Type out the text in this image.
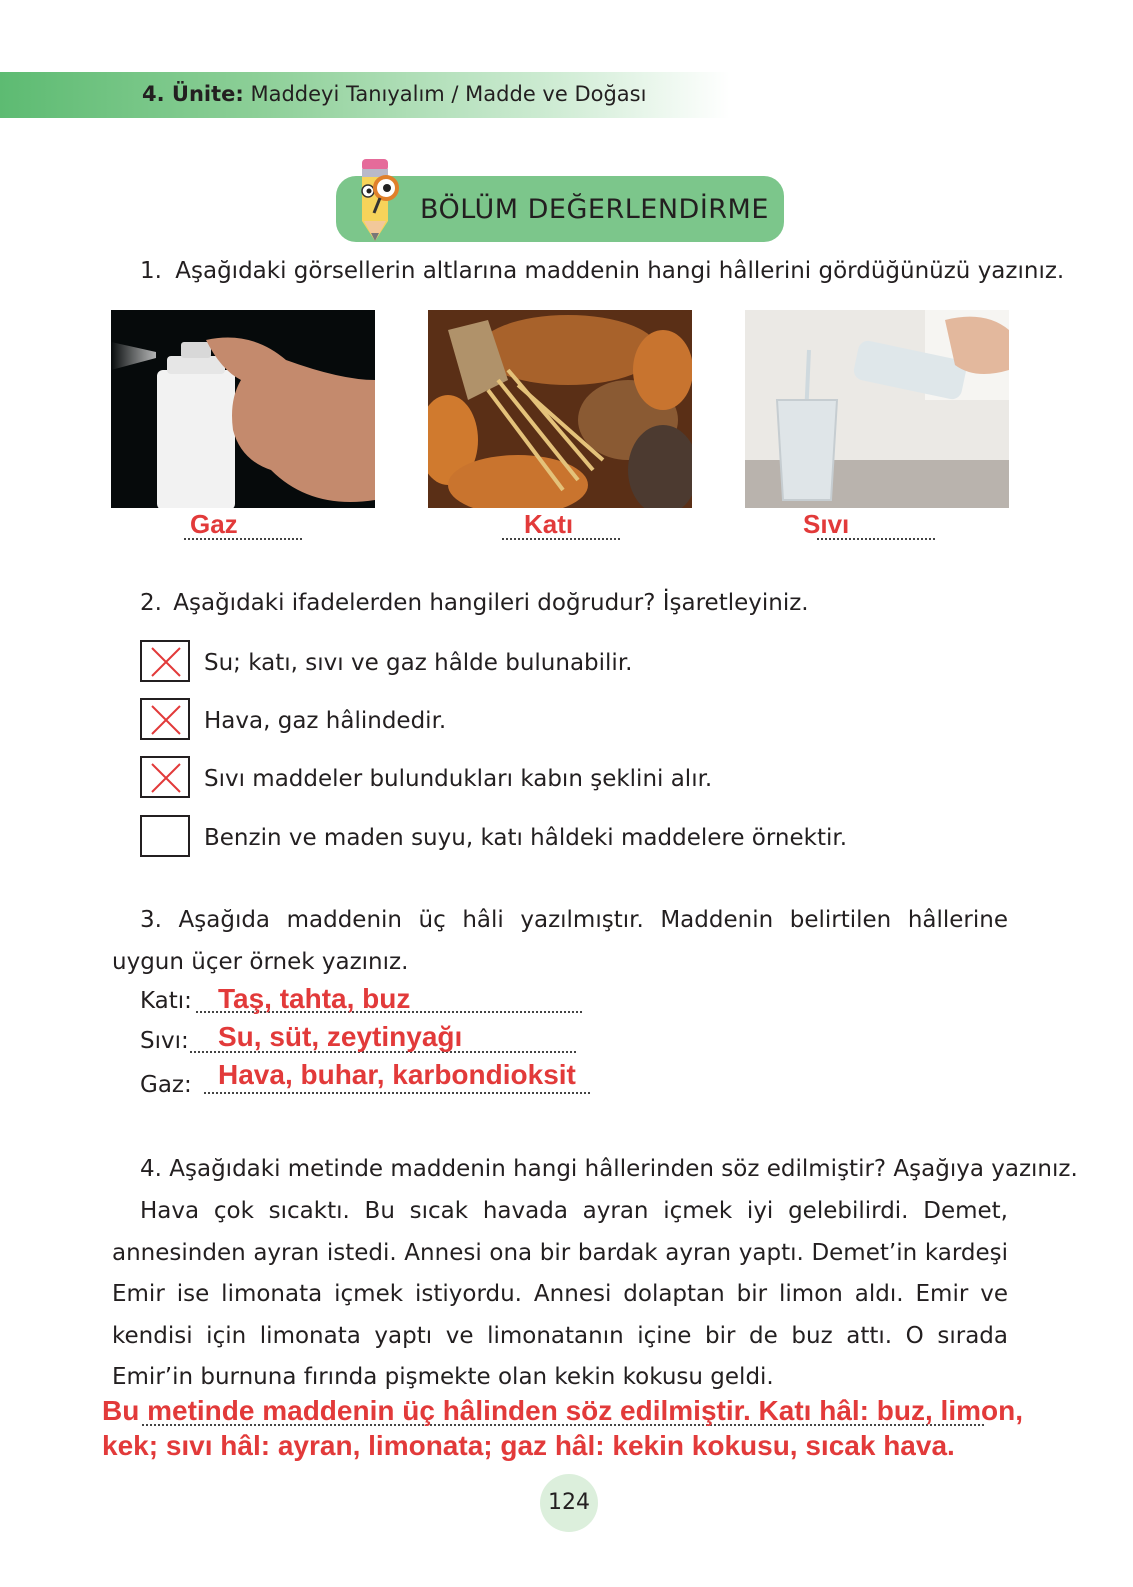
4. Ünite: Maddeyi Tanıyalım / Madde ve Doğası
BÖLÜM DEĞERLENDİRME
1. Aşağıdaki görsellerin altlarına maddenin hangi hâllerini gördüğünüzü yazınız.
Gaz	Katı	Sıvı
2. Aşağıdaki ifadelerden hangileri doğrudur? İşaretleyiniz.
Su; katı, sıvı ve gaz hâlde bulunabilir.
Hava, gaz hâlindedir.
Sıvı maddeler bulundukları kabın şeklini alır.
Benzin ve maden suyu, katı hâldeki maddelere örnektir.
3. Aşağıda maddenin üç hâli yazılmıştır. Maddenin belirtilen hâllerine uygun üçer örnek yazınız.
Katı: Taş, tahta, buz
Sıvı: Su, süt, zeytinyağı
Gaz: Hava, buhar, karbondioksit
4. Aşağıdaki metinde maddenin hangi hâllerinden söz edilmiştir? Aşağıya yazınız.
Hava çok sıcaktı. Bu sıcak havada ayran içmek iyi gelebilirdi. Demet, annesinden ayran istedi. Annesi ona bir bardak ayran yaptı. Demet’in kardeşi Emir ise limonata içmek istiyordu. Annesi dolaptan bir limon aldı. Emir ve kendisi için limonata yaptı ve limonatanın içine bir de buz attı. O sırada Emir’in burnuna fırında pişmekte olan kekin kokusu geldi.
Bu metinde maddenin üç hâlinden söz edilmiştir. Katı hâl: buz, limon,
kek; sıvı hâl: ayran, limonata; gaz hâl: kekin kokusu, sıcak hava.
124
